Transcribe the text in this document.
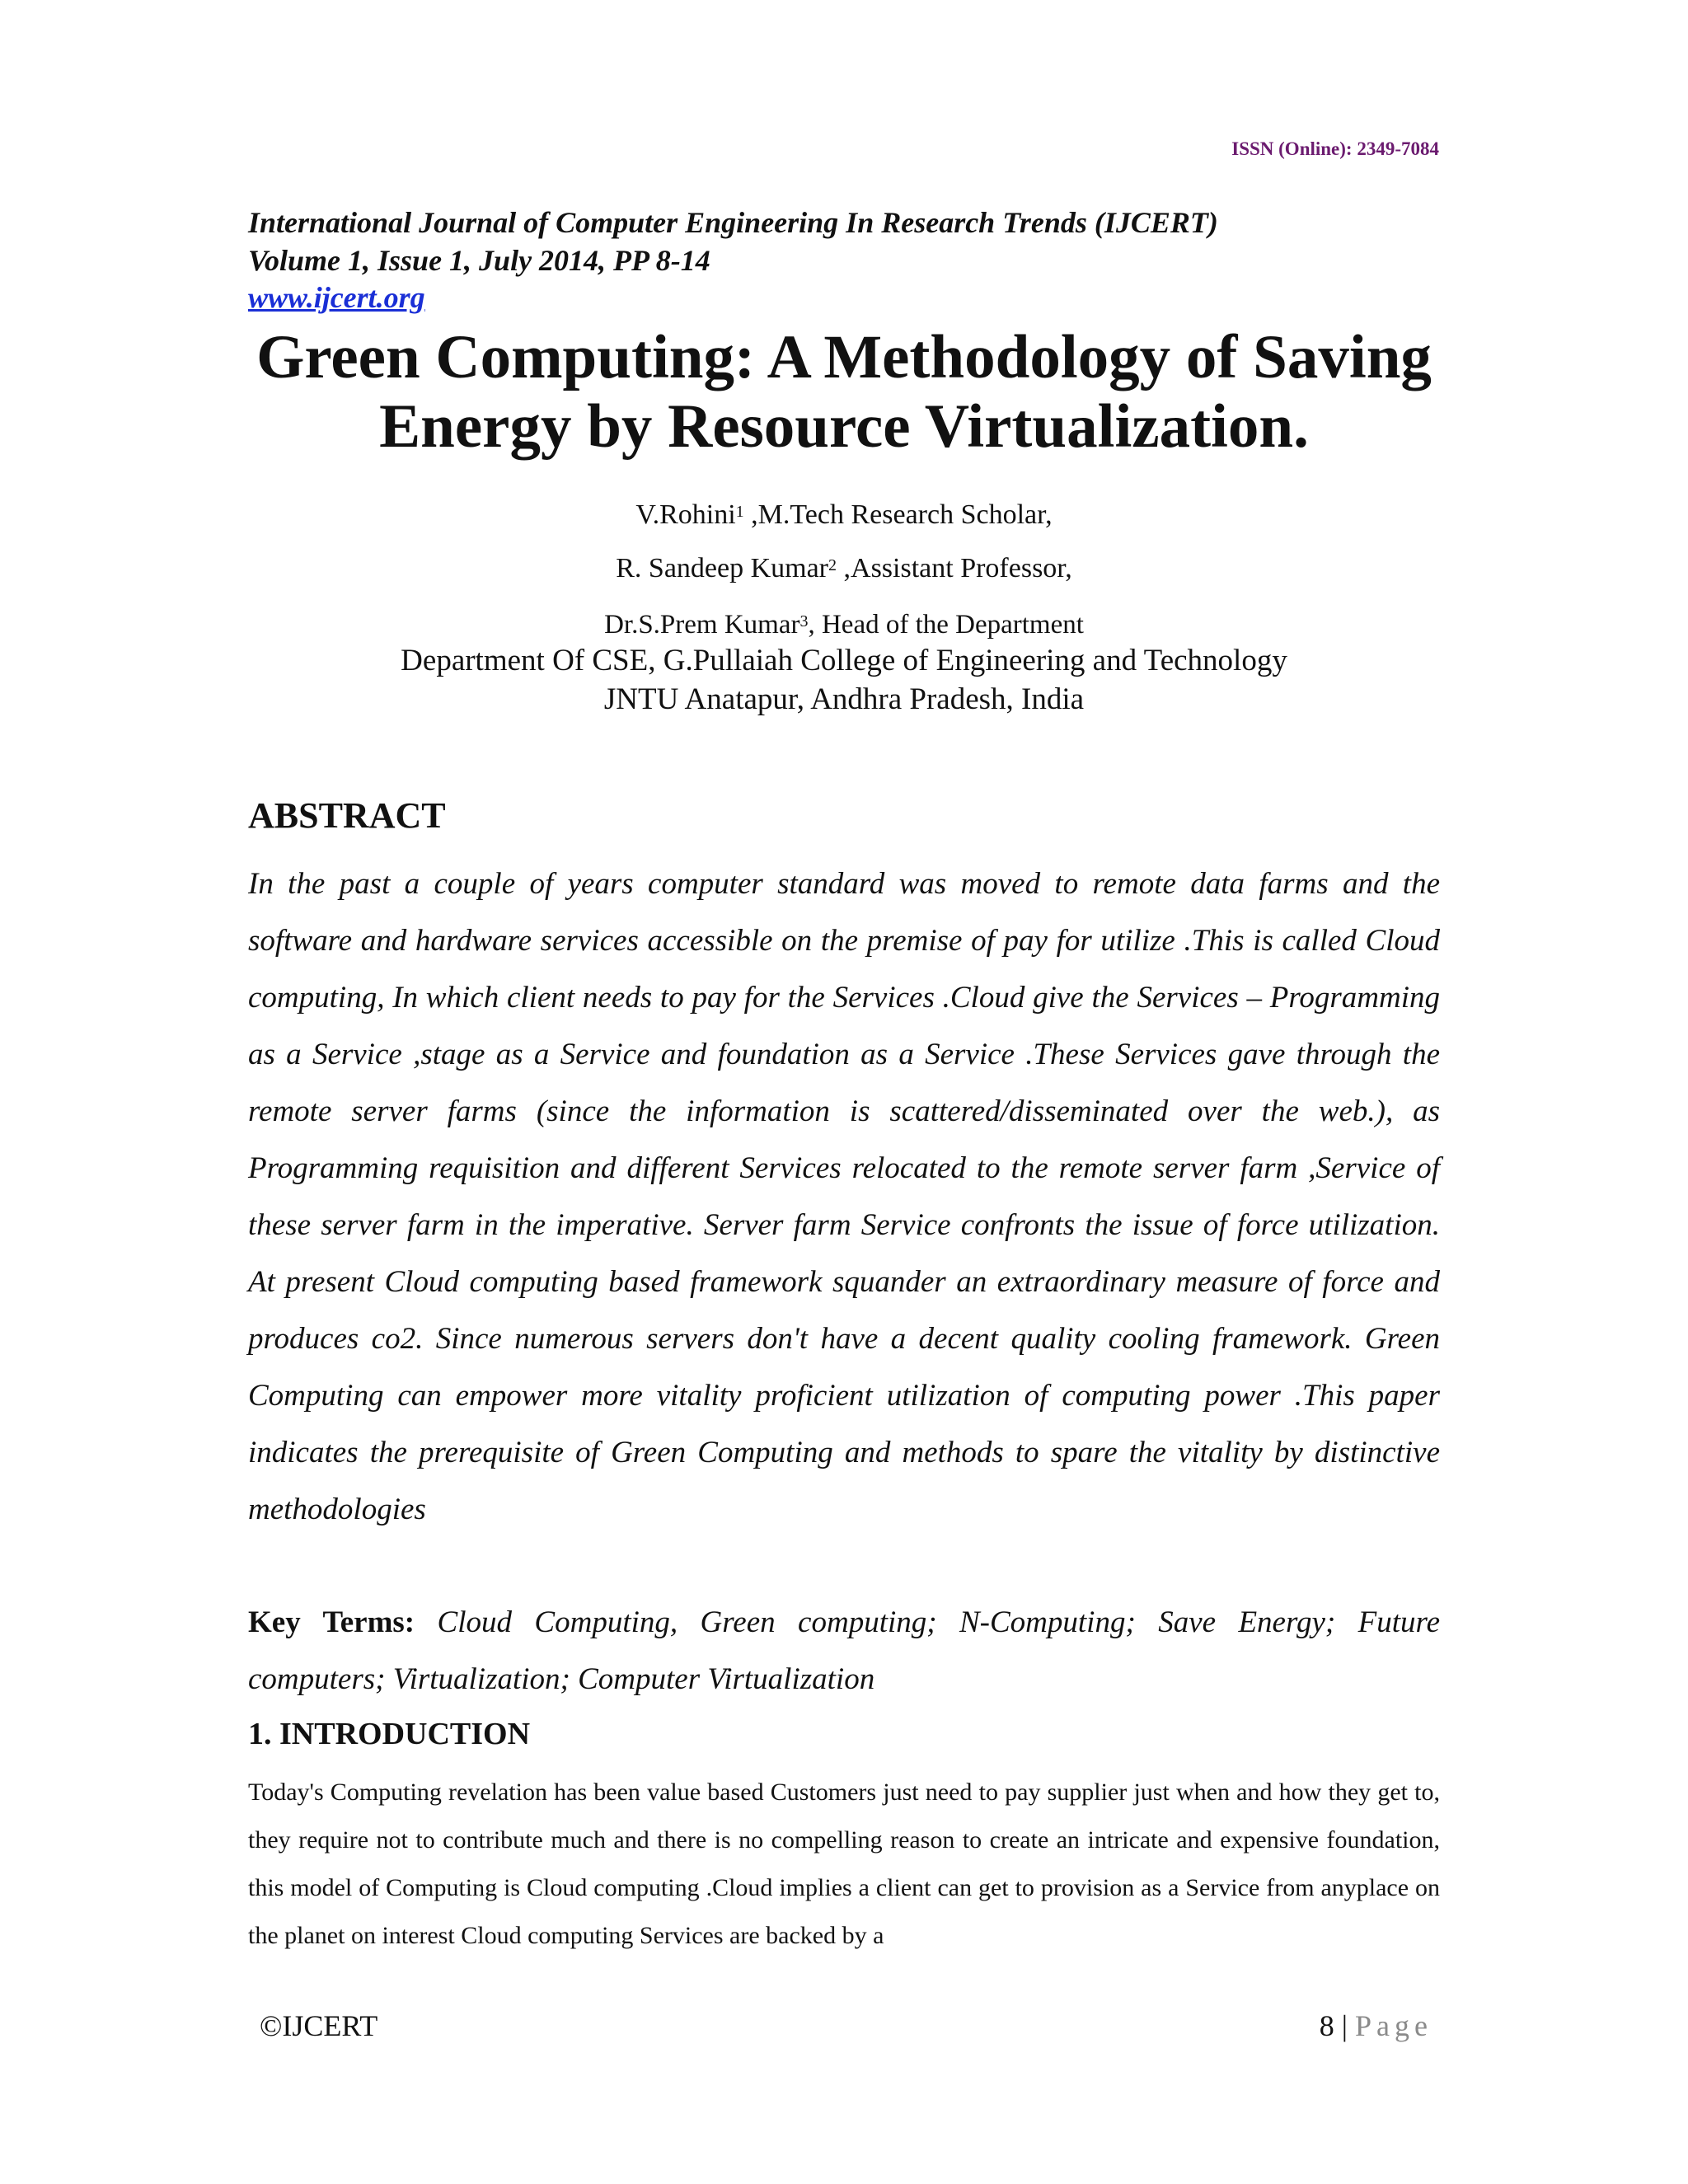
ISSN (Online): 2349-7084
International Journal of Computer Engineering In Research Trends (IJCERT)
Volume 1, Issue 1, July 2014, PP 8-14
www.ijcert.org
Green Computing: A Methodology of Saving
Energy by Resource Virtualization.
V.Rohini$^1$ ,M.Tech Research Scholar,
R. Sandeep Kumar$^2$ ,Assistant Professor,
Dr.S.Prem Kumar$^3$, Head of the Department
Department Of CSE, G.Pullaiah College of Engineering and Technology
JNTU Anatapur, Andhra Pradesh, India
ABSTRACT
In the past a couple of years computer standard was moved to remote data farms and the software and hardware services accessible on the premise of pay for utilize .This is called Cloud computing, In which client needs to pay for the Services .Cloud give the Services – Programming as a Service ,stage as a Service and foundation as a Service .These Services gave through the remote server farms (since the information is scattered/disseminated over the web.), as Programming requisition and different Services relocated to the remote server farm ,Service of these server farm in the imperative. Server farm Service confronts the issue of force utilization. At present Cloud computing based framework squander an extraordinary measure of force and produces co2. Since numerous servers don't have a decent quality cooling framework. Green Computing can empower more vitality proficient utilization of computing power .This paper indicates the prerequisite of Green Computing and methods to spare the vitality by distinctive methodologies
Key Terms: Cloud Computing, Green computing; N-Computing; Save Energy; Future computers; Virtualization; Computer Virtualization
1. INTRODUCTION
Today's Computing revelation has been value based Customers just need to pay supplier just when and how they get to, they require not to contribute much and there is no compelling reason to create an intricate and expensive foundation, this model of Computing is Cloud computing .Cloud implies a client can get to provision as a Service from anyplace on the planet on interest Cloud computing Services are backed by a
©IJCERT	8 | Page
